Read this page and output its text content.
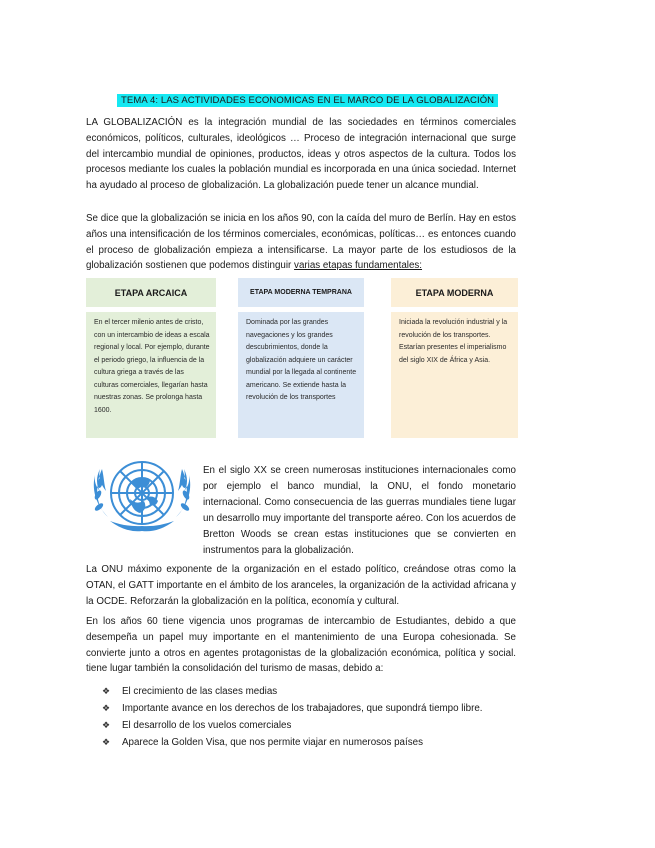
TEMA 4: LAS ACTIVIDADES ECONOMICAS EN EL MARCO DE LA GLOBALIZACIÓN
LA GLOBALIZACIÓN es la integración mundial de las sociedades en términos comerciales económicos, políticos, culturales, ideológicos … Proceso de integración internacional que surge del intercambio mundial de opiniones, productos, ideas y otros aspectos de la cultura. Todos los procesos mediante los cuales la población mundial es incorporada en una única sociedad. Internet ha ayudado al proceso de globalización. La globalización puede tener un alcance mundial.
Se dice que la globalización se inicia en los años 90, con la caída del muro de Berlín. Hay en estos años una intensificación de los términos comerciales, económicas, políticas… es entonces cuando el proceso de globalización empieza a intensificarse. La mayor parte de los estudiosos de la globalización sostienen que podemos distinguir varias etapas fundamentales:
ETAPA ARCAICA	ETAPA MODERNA TEMPRANA	ETAPA MODERNA
En el tercer milenio antes de cristo, con un intercambio de ideas a escala regional y local. Por ejemplo, durante el periodo griego, la influencia de la cultura griega a través de las culturas comerciales, llegarían hasta nuestras zonas. Se prolonga hasta 1600.
Dominada por las grandes navegaciones y los grandes descubrimientos, donde la globalización adquiere un carácter mundial por la llegada al continente americano. Se extiende hasta la revolución de los transportes
Iniciada la revolución industrial y la revolución de los transportes. Estarían presentes el imperialismo del siglo XIX de África y Asia.
En el siglo XX se creen numerosas instituciones internacionales como por ejemplo el banco mundial, la ONU, el fondo monetario internacional. Como consecuencia de las guerras mundiales tiene lugar un desarrollo muy importante del transporte aéreo. Con los acuerdos de Bretton Woods se crean estas instituciones que se convierten en instrumentos para la globalización.
La ONU máximo exponente de la organización en el estado político, creándose otras como la OTAN, el GATT importante en el ámbito de los aranceles, la organización de la actividad africana y la OCDE. Reforzarán la globalización en la política, economía y cultural.
En los años 60 tiene vigencia unos programas de intercambio de Estudiantes, debido a que desempeña un papel muy importante en el mantenimiento de una Europa cohesionada. Se convierte junto a otros en agentes protagonistas de la globalización económica, política y social. tiene lugar también la consolidación del turismo de masas, debido a:
❖	El crecimiento de las clases medias
❖	Importante avance en los derechos de los trabajadores, que supondrá tiempo libre.
❖	El desarrollo de los vuelos comerciales
❖	Aparece la Golden Visa, que nos permite viajar en numerosos países
